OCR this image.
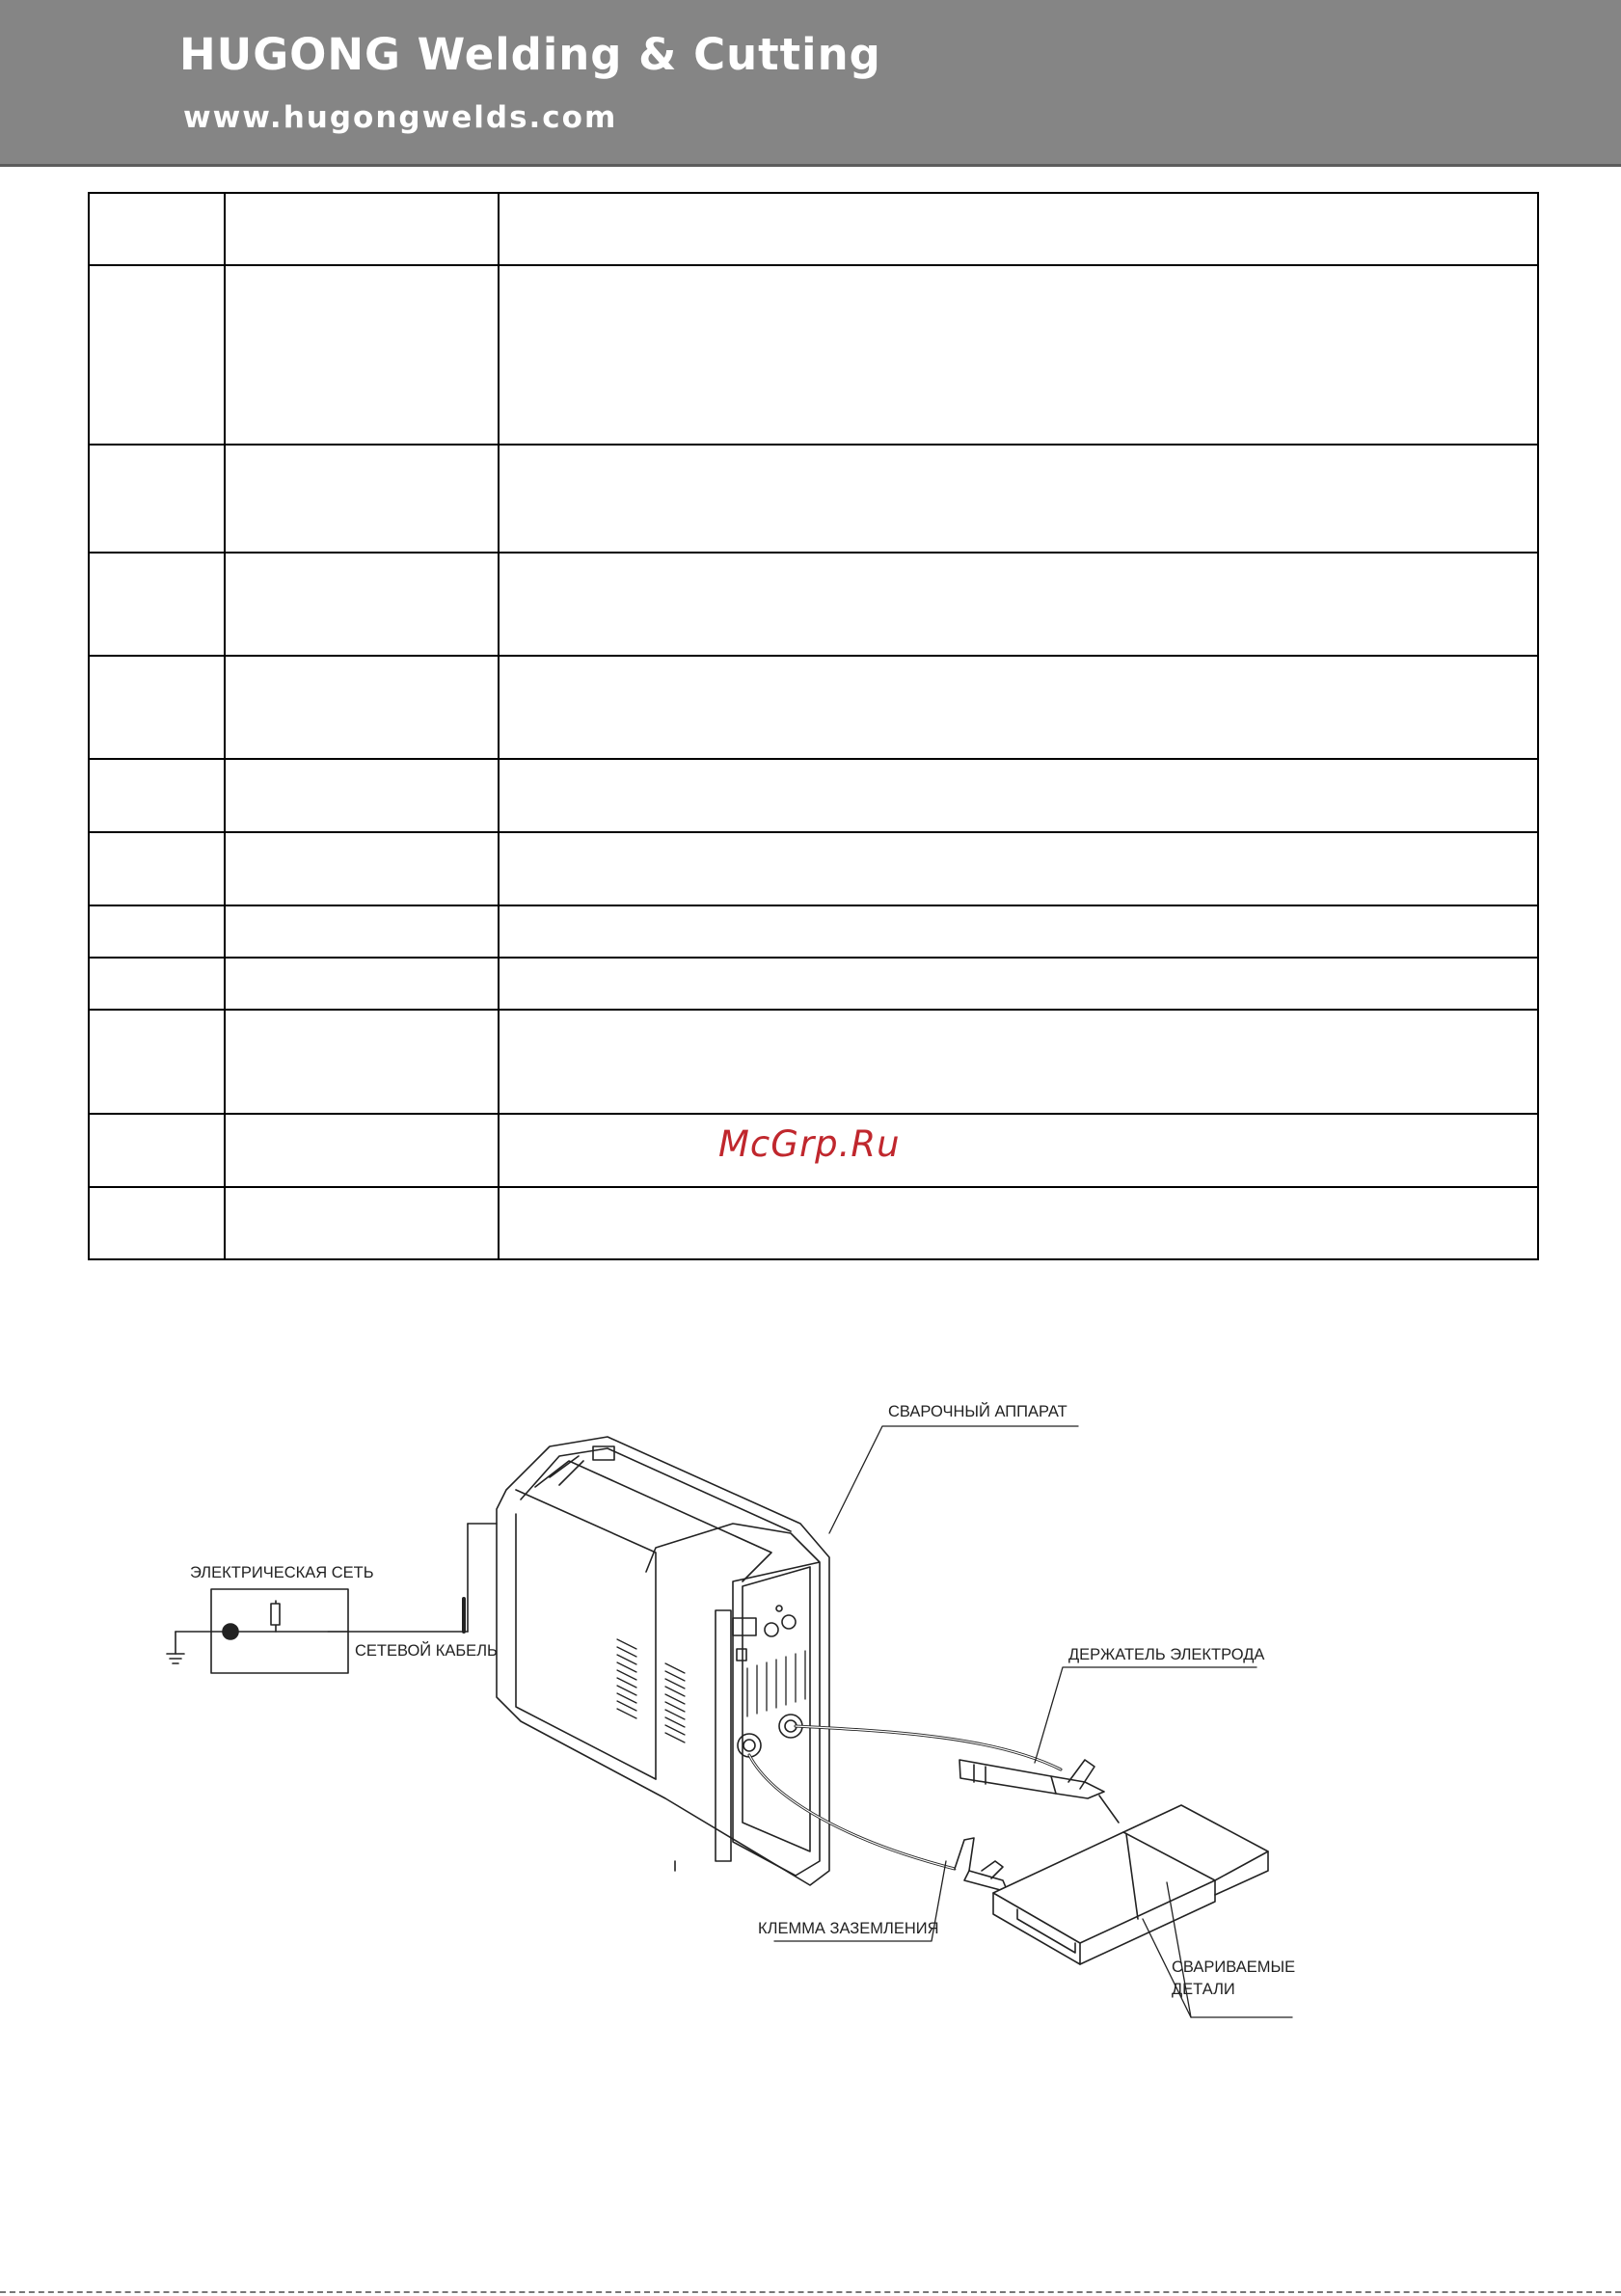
HUGONG Welding & Cutting
www.hugongwelds.com

McGrp.Ru
СВАРОЧНЫЙ АППАРАТ
ЭЛЕКТРИЧЕСКАЯ СЕТЬ
СЕТЕВОЙ КАБЕЛЬ	ДЕРЖАТЕЛЬ ЭЛЕКТРОДА
КЛЕММА ЗАЗЕМЛЕНИЯ
СВАРИВАЕМЫЕ
ДЕТАЛИ
